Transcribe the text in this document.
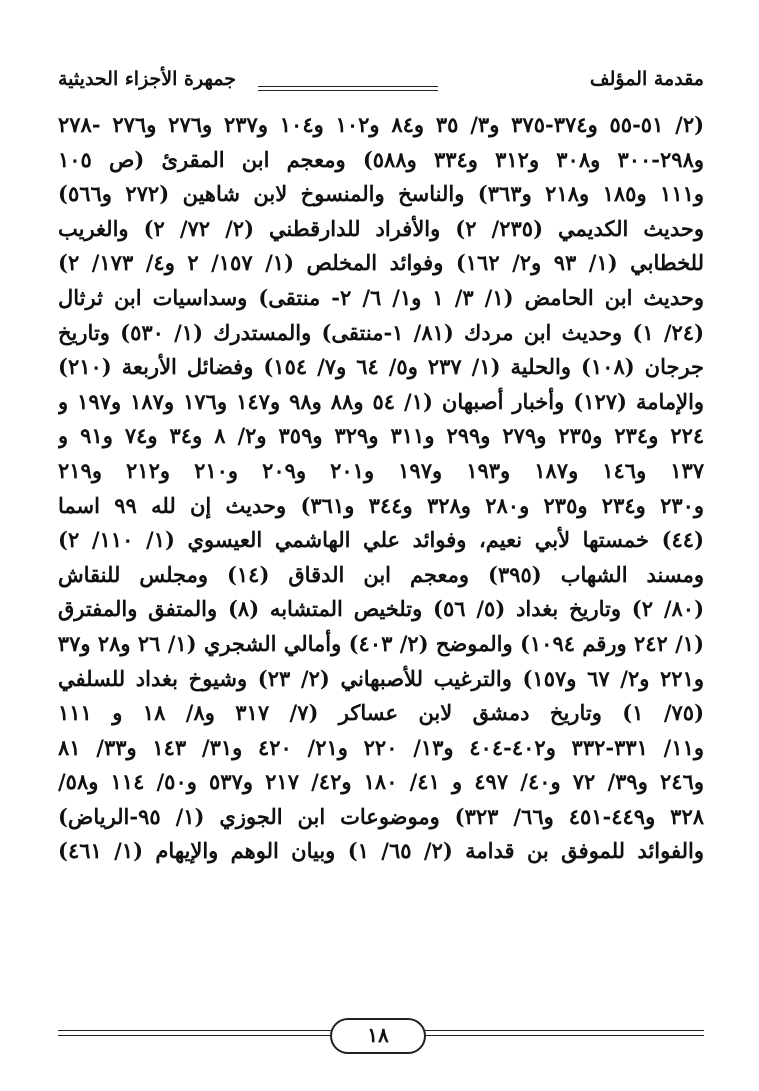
مقدمة المؤلف
جمهرة الأجزاء الحديثية
(٢/ ٥١-٥٥ و٣٧٤-٣٧٥ و٣/ ٣٥ و٨٤ و١٠٢ و١٠٤ و٢٣٧ و٢٧٦ و٢٧٦ -٢٧٨
و٢٩٨-٣٠٠ و٣٠٨ و٣١٢ و٣٣٤ و٥٨٨) ومعجم ابن المقرئ (ص ١٠٥
و١١١ و١٨٥ و٢١٨ و٣٦٣) والناسخ والمنسوخ لابن شاهين (٢٧٢ و٥٦٦)
وحديث الكديمي (٢٣٥/ ٢) والأفراد للدارقطني (٢/ ٧٢/ ٢) والغريب
للخطابي (١/ ٩٣ و٢/ ١٦٢) وفوائد المخلص (١/ ١٥٧/ ٢ و٤/ ١٧٣/ ٢)
وحديث ابن الحامض (١/ ٣/ ١ و١/ ٦/ ٢- منتقى) وسداسيات ابن ثرثال
(٢٤/ ١) وحديث ابن مردك (٨١/ ١-منتقى) والمستدرك (١/ ٥٣٠) وتاريخ
جرجان (١٠٨) والحلية (١/ ٢٣٧ و٥/ ٦٤ و٧/ ١٥٤) وفضائل الأربعة (٢١٠)
والإمامة (١٢٧) وأخبار أصبهان (١/ ٥٤ و٨٨ و٩٨ و١٤٧ و١٧٦ و١٨٧ و١٩٧ و
٢٢٤ و٢٣٤ و٢٣٥ و٢٧٩ و٢٩٩ و٣١١ و٣٢٩ و٣٥٩ و٢/ ٨ و٣٤ و٧٤ و٩١ و
١٣٧ و١٤٦ و١٨٧ و١٩٣ و١٩٧ و٢٠١ و٢٠٩ و٢١٠ و٢١٢ و٢١٩
و٢٣٠ و٢٣٤ و٢٣٥ و٢٨٠ و٣٢٨ و٣٤٤ و٣٦١) وحديث إن لله ٩٩ اسما
(٤٤) خمستها لأبي نعيم، وفوائد علي الهاشمي العيسوي (١/ ١١٠/ ٢)
ومسند الشهاب (٣٩٥) ومعجم ابن الدقاق (١٤) ومجلس للنقاش
(٨٠/ ٢) وتاريخ بغداد (٥/ ٥٦) وتلخيص المتشابه (٨) والمتفق والمفترق
(١/ ٢٤٢ ورقم ١٠٩٤) والموضح (٢/ ٤٠٣) وأمالي الشجري (١/ ٢٦ و٢٨ و٣٧
و٢٢١ و٢/ ٦٧ و١٥٧) والترغيب للأصبهاني (٢/ ٢٣) وشيوخ بغداد للسلفي
(٧٥/ ١) وتاريخ دمشق لابن عساكر (٧/ ٣١٧ و٨/ ١٨ و ١١١
و١١/ ٣٣١-٣٣٢ و٤٠٢-٤٠٤ و١٣/ ٢٢٠ و٢١/ ٤٢٠ و٣١/ ١٤٣ و٣٣/ ٨١
و٢٤٦ و٣٩/ ٧٢ و٤٠/ ٤٩٧ و ٤١/ ١٨٠ و٤٢/ ٢١٧ و٥٣٧ و٥٠/ ١١٤ و٥٨/
٣٢٨ و٤٤٩-٤٥١ و٦٦/ ٣٢٣) وموضوعات ابن الجوزي (١/ ٩٥-الرياض)
والفوائد للموفق بن قدامة (٢/ ٦٥/ ١) وبيان الوهم والإيهام (١/ ٤٦١)
١٨
